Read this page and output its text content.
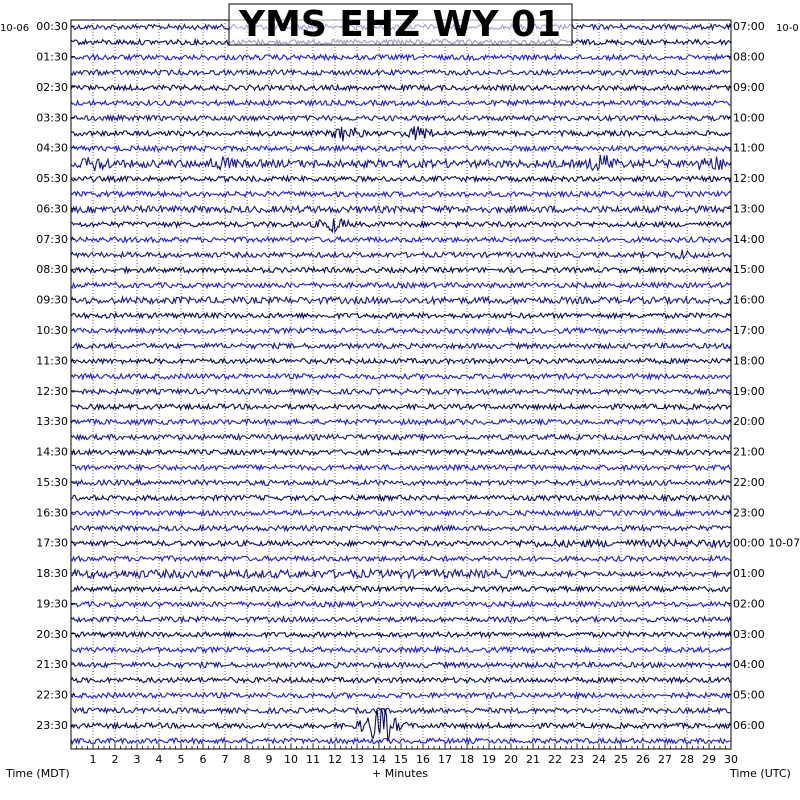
1 2 3 4 5 6 7 8 9 10 11 12 13 14 15 16 17 18 19 20 21 22 23 24 25 26 27 28 29 30
00:30
01:30
02:30
03:30
04:30
05:30
06:30
07:30
08:30
09:30
10:30
11:30
12:30
13:30
14:30
15:30
16:30
17:30
18:30
19:30
20:30
21:30
22:30
23:30
07:00
08:00
09:00
10:00
11:00
12:00
13:00
14:00
15:00
16:00
17:00
18:00
19:00
20:00
21:00
22:00
23:00
00:00 10-07
01:00
02:00
03:00
04:00
05:00
06:00
10-06	10-0
YMS EHZ WY 01
+ Minutes
Time (MDT)	Time (UTC)
